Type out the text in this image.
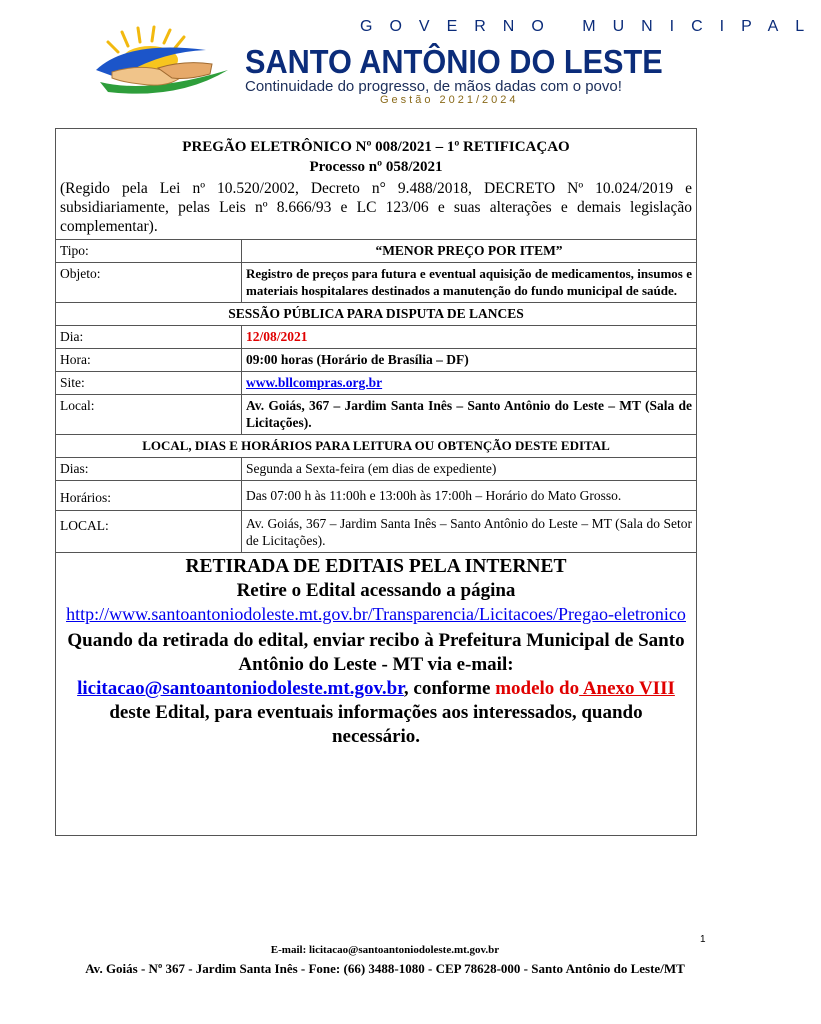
GOVERNO MUNICIPAL
SANTO ANTÔNIO DO LESTE
Continuidade do progresso, de mãos dadas com o povo!
Gestão 2021/2024
PREGÃO ELETRÔNICO Nº 008/2021 – 1º RETIFICAÇAO
Processo nº 058/2021
(Regido pela Lei nº 10.520/2002, Decreto n° 9.488/2018, DECRETO Nº 10.024/2019 e subsidiariamente, pelas Leis nº 8.666/93 e LC 123/06 e suas alterações e demais legislação complementar).
Tipo:	“MENOR PREÇO POR ITEM”
Objeto:	Registro de preços para futura e eventual aquisição de medicamentos, insumos e materiais hospitalares destinados a manutenção do fundo municipal de saúde.
SESSÃO PÚBLICA PARA DISPUTA DE LANCES	
Dia:	12/08/2021
Hora:	09:00 horas (Horário de Brasília – DF)
Site:	www.bllcompras.org.br
Local:	Av. Goiás, 367 – Jardim Santa Inês – Santo Antônio do Leste – MT (Sala de Licitações).
LOCAL, DIAS E HORÁRIOS PARA LEITURA OU OBTENÇÃO DESTE EDITAL	
Dias:	Segunda a Sexta-feira (em dias de expediente)
Horários:	Das 07:00 h às 11:00h e 13:00h às 17:00h – Horário do Mato Grosso.
LOCAL:	Av. Goiás, 367 – Jardim Santa Inês – Santo Antônio do Leste – MT (Sala do Setor de Licitações).
RETIRADA DE EDITAIS PELA INTERNET
Retire o Edital acessando a página
http://www.santoantoniodoleste.mt.gov.br/Transparencia/Licitacoes/Pregao-eletronico
Quando da retirada do edital, enviar recibo à Prefeitura Municipal de Santo Antônio do Leste - MT via e-mail:
licitacao@santoantoniodoleste.mt.gov.br, conforme modelo do Anexo VIII deste Edital, para eventuais informações aos interessados, quando necessário.
1
E-mail: licitacao@santoantoniodoleste.mt.gov.br
Av. Goiás - Nº 367 - Jardim Santa Inês - Fone: (66) 3488-1080 - CEP 78628-000 - Santo Antônio do Leste/MT
